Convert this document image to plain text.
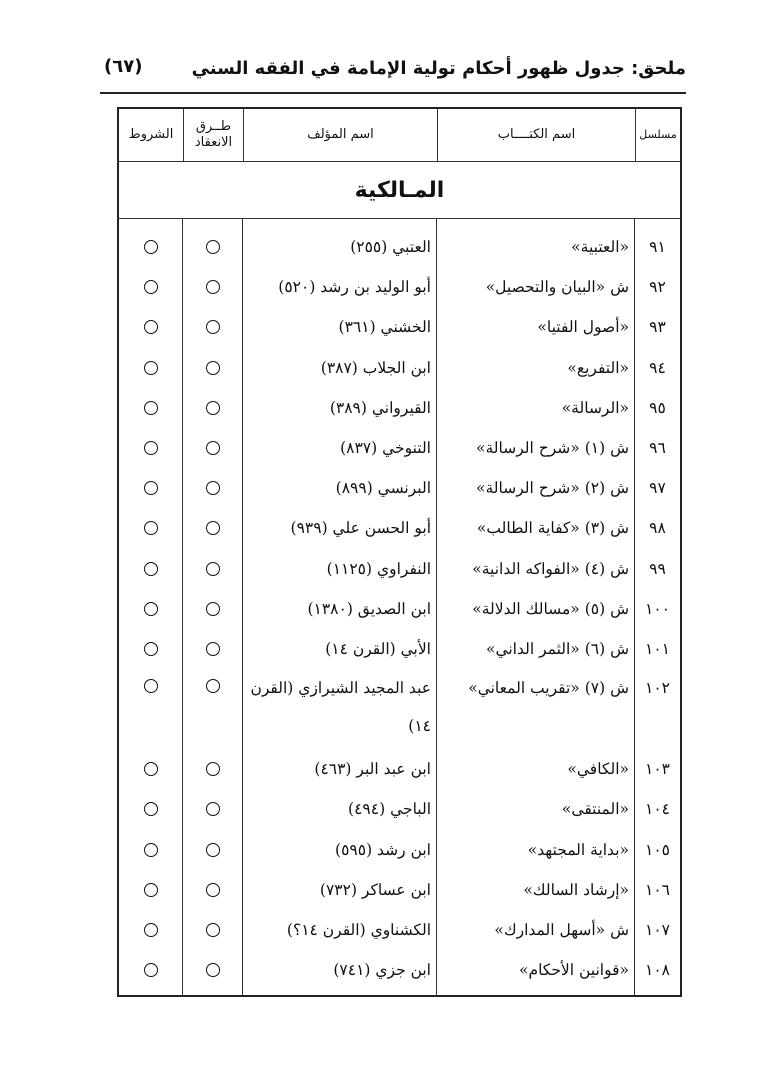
ملحق: جدول ظهور أحكام تولية الإمامة في الفقه السني
(٦٧)
مسلسل
اسم الكتــــاب
اسم المؤلف
طــرق الانعقاد
الشروط
المـالكية
٩١
«العتبية»
العتبي (٢٥٥)
٩٢
ش «البيان والتحصيل»
أبو الوليد بن رشد (٥٢٠)
٩٣
«أصول الفتيا»
الخشني (٣٦١)
٩٤
«التفريع»
ابن الجلاب (٣٨٧)
٩٥
«الرسالة»
القيرواني (٣٨٩)
٩٦
ش (١) «شرح الرسالة»
التنوخي (٨٣٧)
٩٧
ش (٢) «شرح الرسالة»
البرنسي (٨٩٩)
٩٨
ش (٣) «كفاية الطالب»
أبو الحسن علي (٩٣٩)
٩٩
ش (٤) «الفواكه الدانية»
النفراوي (١١٢٥)
١٠٠
ش (٥) «مسالك الدلالة»
ابن الصديق (١٣٨٠)
١٠١
ش (٦) «الثمر الداني»
الأبي (القرن ١٤)
١٠٢
ش (٧) «تقريب المعاني»
عبد المجيد الشيرازي (القرن ١٤)
١٠٣
«الكافي»
ابن عبد البر (٤٦٣)
١٠٤
«المنتقى»
الباجي (٤٩٤)
١٠٥
«بداية المجتهد»
ابن رشد (٥٩٥)
١٠٦
«إرشاد السالك»
ابن عساكر (٧٣٢)
١٠٧
ش «أسهل المدارك»
الكشناوي (القرن ١٤؟)
١٠٨
«قوانين الأحكام»
ابن جزي (٧٤١)
